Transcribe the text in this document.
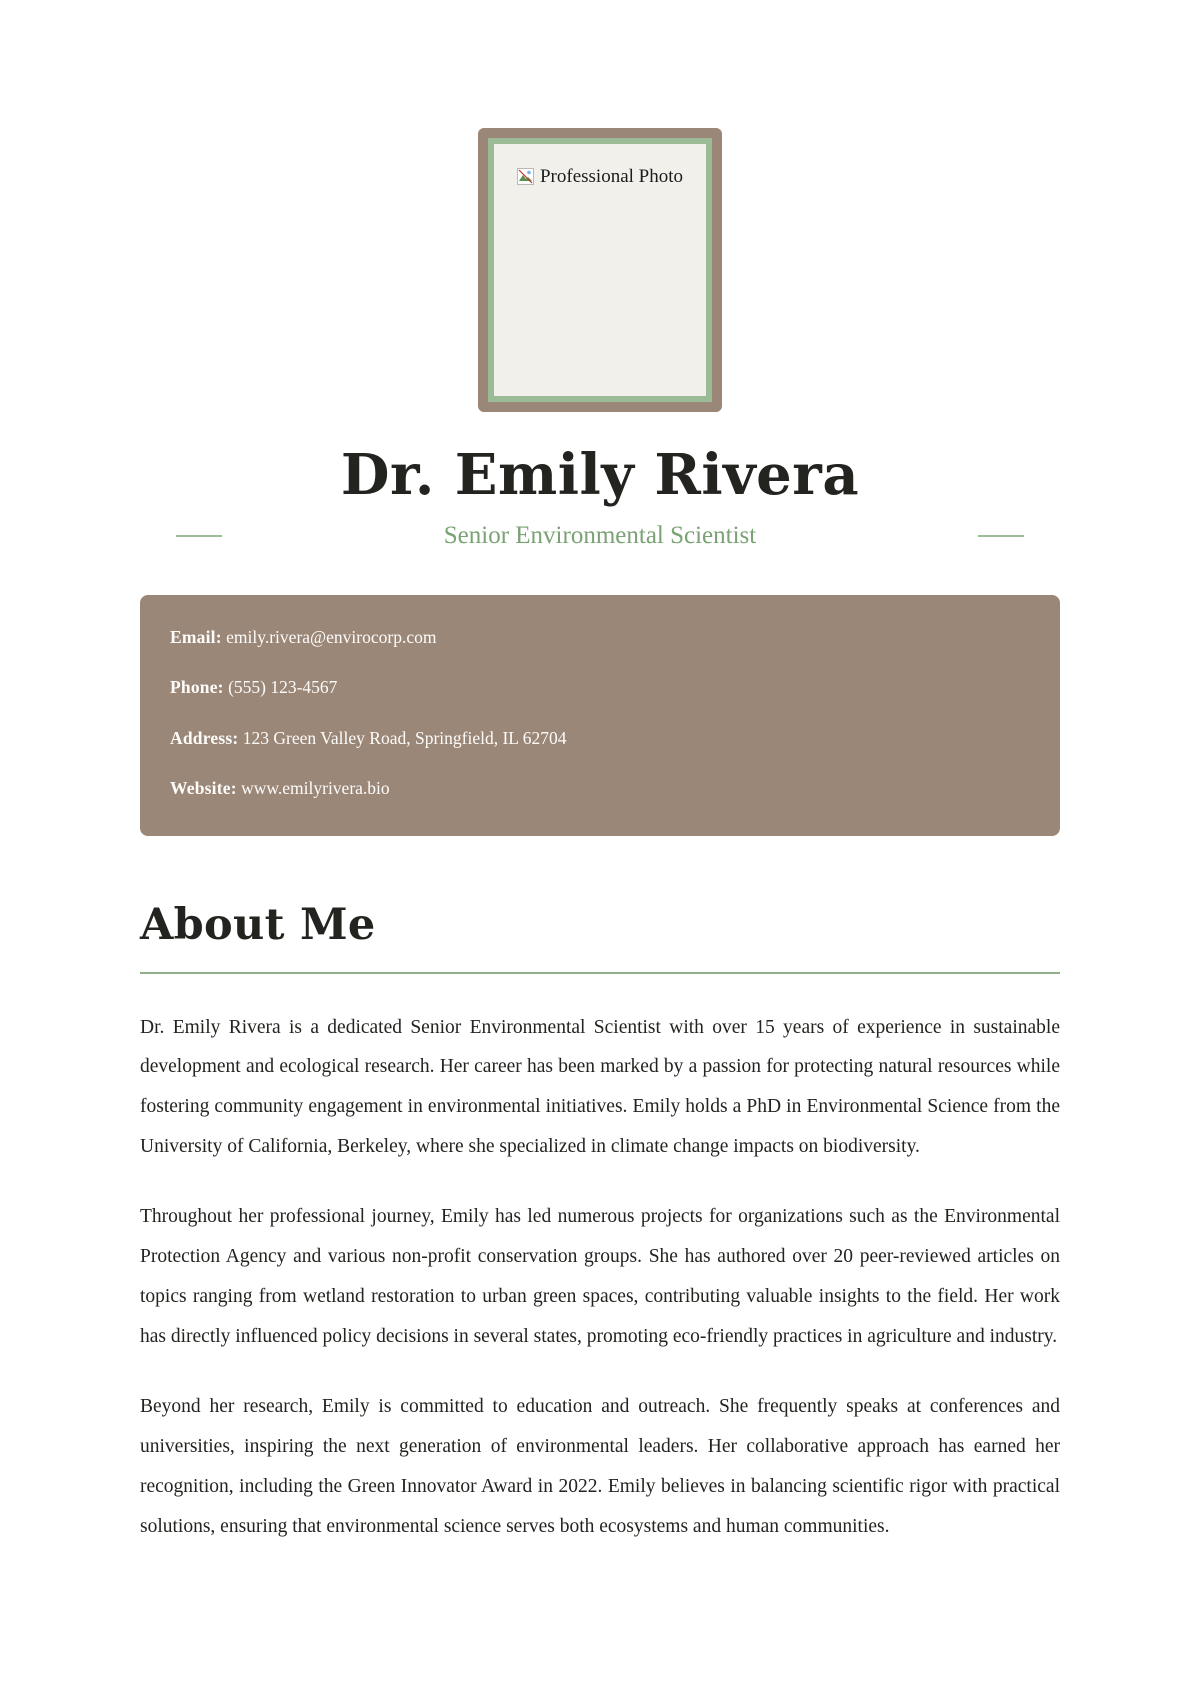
Professional Photo
Dr. Emily Rivera
Senior Environmental Scientist

Email: emily.rivera@envirocorp.com

Phone: (555) 123-4567

Address: 123 Green Valley Road, Springfield, IL 62704

Website: www.emilyrivera.bio

About Me

Dr. Emily Rivera is a dedicated Senior Environmental Scientist with over 15 years of experience in sustainable development and ecological research. Her career has been marked by a passion for protecting natural resources while fostering community engagement in environmental initiatives. Emily holds a PhD in Environmental Science from the University of California, Berkeley, where she specialized in climate change impacts on biodiversity.

Throughout her professional journey, Emily has led numerous projects for organizations such as the Environmental Protection Agency and various non-profit conservation groups. She has authored over 20 peer-reviewed articles on topics ranging from wetland restoration to urban green spaces, contributing valuable insights to the field. Her work has directly influenced policy decisions in several states, promoting eco-friendly practices in agriculture and industry.

Beyond her research, Emily is committed to education and outreach. She frequently speaks at conferences and universities, inspiring the next generation of environmental leaders. Her collaborative approach has earned her recognition, including the Green Innovator Award in 2022. Emily believes in balancing scientific rigor with practical solutions, ensuring that environmental science serves both ecosystems and human communities.
